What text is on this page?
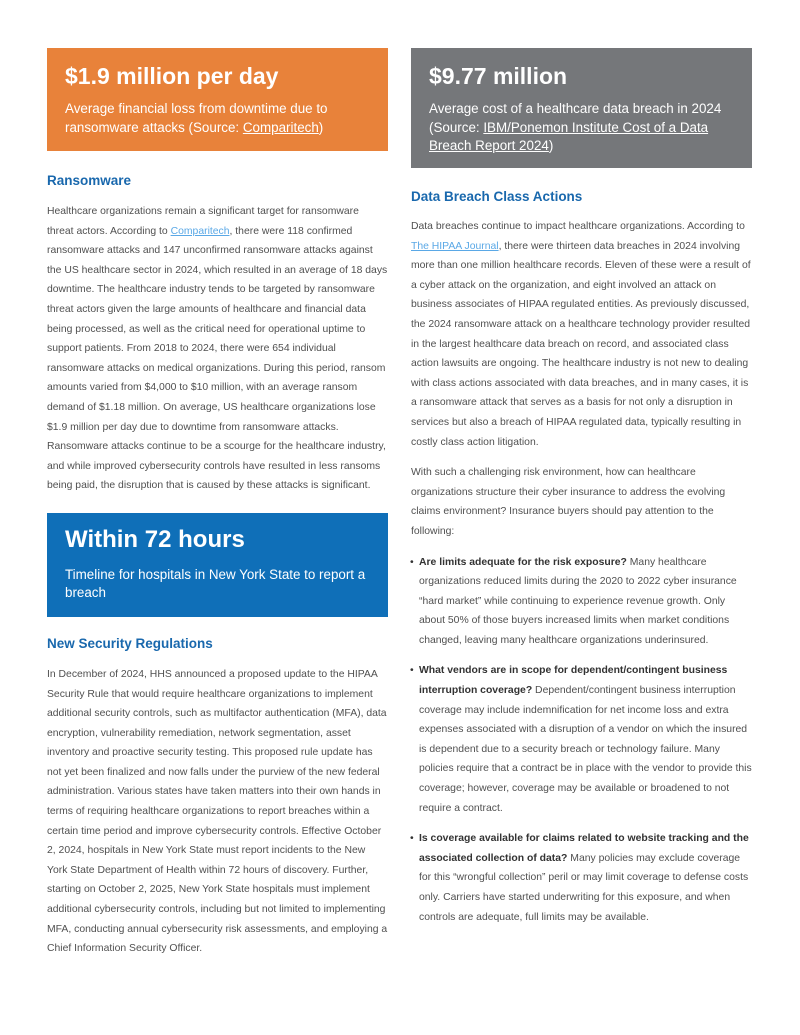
$1.9 million per day

Average financial loss from downtime due to ransomware attacks (Source: Comparitech)

Ransomware

Healthcare organizations remain a significant target for ransomware threat actors. According to Comparitech, there were 118 confirmed ransomware attacks and 147 unconfirmed ransomware attacks against the US healthcare sector in 2024, which resulted in an average of 18 days downtime. The healthcare industry tends to be targeted by ransomware threat actors given the large amounts of healthcare and financial data being processed, as well as the critical need for operational uptime to support patients. From 2018 to 2024, there were 654 individual ransomware attacks on medical organizations. During this period, ransom amounts varied from $4,000 to $10 million, with an average ransom demand of $1.18 million. On average, US healthcare organizations lose $1.9 million per day due to downtime from ransomware attacks. Ransomware attacks continue to be a scourge for the healthcare industry, and while improved cybersecurity controls have resulted in less ransoms being paid, the disruption that is caused by these attacks is significant.

Within 72 hours

Timeline for hospitals in New York State to report a breach

New Security Regulations

In December of 2024, HHS announced a proposed update to the HIPAA Security Rule that would require healthcare organizations to implement additional security controls, such as multifactor authentication (MFA), data encryption, vulnerability remediation, network segmentation, asset inventory and proactive security testing. This proposed rule update has not yet been finalized and now falls under the purview of the new federal administration. Various states have taken matters into their own hands in terms of requiring healthcare organizations to report breaches within a certain time period and improve cybersecurity controls. Effective October 2, 2024, hospitals in New York State must report incidents to the New York State Department of Health within 72 hours of discovery. Further, starting on October 2, 2025, New York State hospitals must implement additional cybersecurity controls, including but not limited to implementing MFA, conducting annual cybersecurity risk assessments, and employing a Chief Information Security Officer.

$9.77 million

Average cost of a healthcare data breach in 2024 (Source: IBM/Ponemon Institute Cost of a Data Breach Report 2024)

Data Breach Class Actions

Data breaches continue to impact healthcare organizations. According to The HIPAA Journal, there were thirteen data breaches in 2024 involving more than one million healthcare records. Eleven of these were a result of a cyber attack on the organization, and eight involved an attack on business associates of HIPAA regulated entities. As previously discussed, the 2024 ransomware attack on a healthcare technology provider resulted in the largest healthcare data breach on record, and associated class action lawsuits are ongoing. The healthcare industry is not new to dealing with class actions associated with data breaches, and in many cases, it is a ransomware attack that serves as a basis for not only a disruption in services but also a breach of HIPAA regulated data, typically resulting in costly class action litigation.

With such a challenging risk environment, how can healthcare organizations structure their cyber insurance to address the evolving claims environment? Insurance buyers should pay attention to the following:

• Are limits adequate for the risk exposure? Many healthcare organizations reduced limits during the 2020 to 2022 cyber insurance “hard market” while continuing to experience revenue growth. Only about 50% of those buyers increased limits when market conditions changed, leaving many healthcare organizations underinsured.
• What vendors are in scope for dependent/contingent business interruption coverage? Dependent/contingent business interruption coverage may include indemnification for net income loss and extra expenses associated with a disruption of a vendor on which the insured is dependent due to a security breach or technology failure. Many policies require that a contract be in place with the vendor to provide this coverage; however, coverage may be available or broadened to not require a contract.
• Is coverage available for claims related to website tracking and the associated collection of data? Many policies may exclude coverage for this “wrongful collection” peril or may limit coverage to defense costs only. Carriers have started underwriting for this exposure, and when controls are adequate, full limits may be available.
